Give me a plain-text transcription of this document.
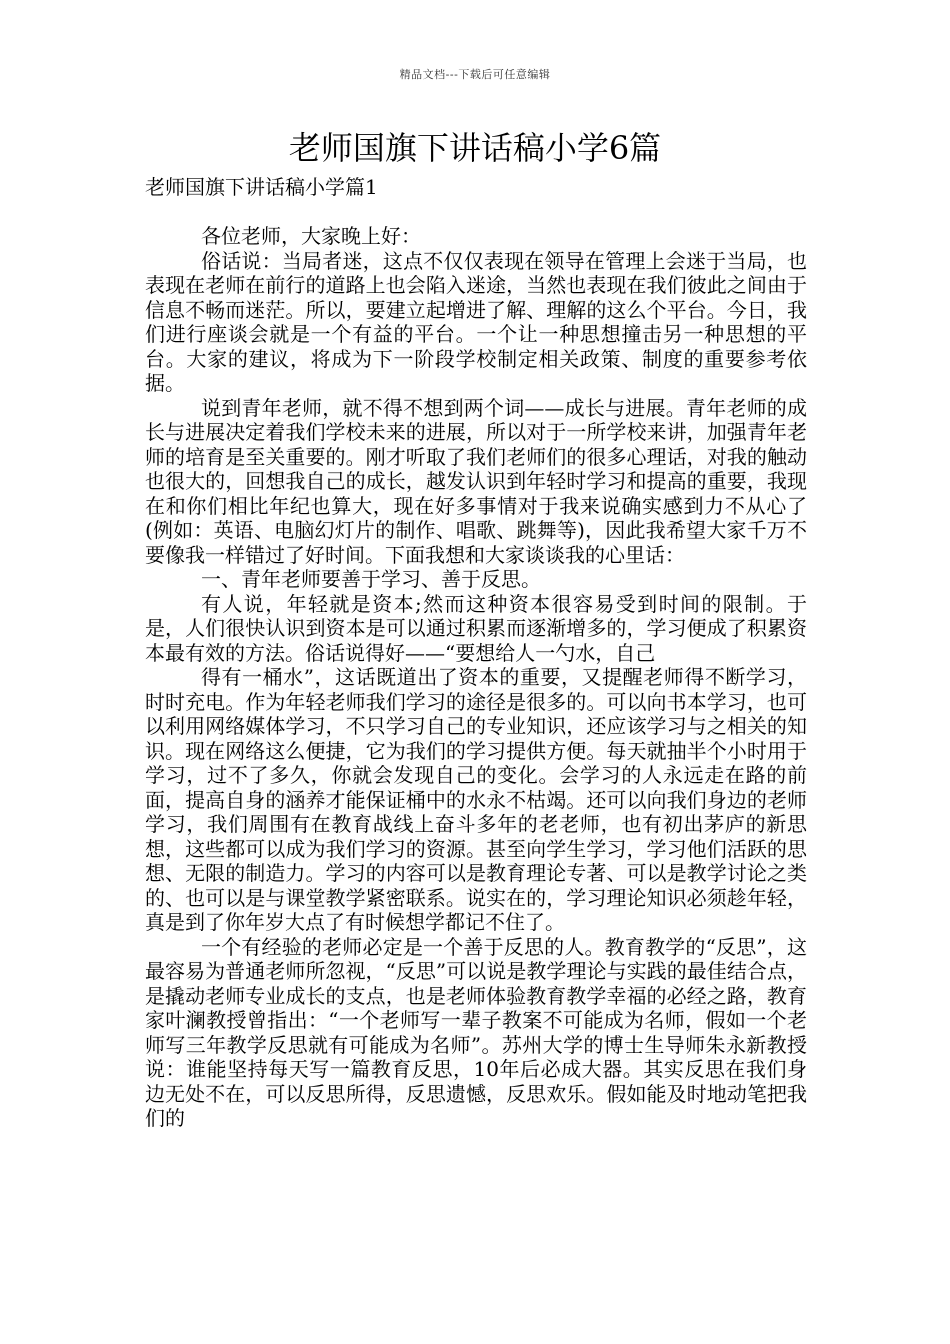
精品文档---下载后可任意编辑
老师国旗下讲话稿小学6篇
老师国旗下讲话稿小学篇1

各位老师，大家晚上好：

俗话说：当局者迷，这点不仅仅表现在领导在管理上会迷于当局，也表现在老师在前行的道路上也会陷入迷途，当然也表现在我们彼此之间由于信息不畅而迷茫。所以，要建立起增进了解、理解的这么个平台。今日，我们进行座谈会就是一个有益的平台。一个让一种思想撞击另一种思想的平台。大家的建议，将成为下一阶段学校制定相关政策、制度的重要参考依据。

说到青年老师，就不得不想到两个词——成长与进展。青年老师的成长与进展决定着我们学校未来的进展，所以对于一所学校来讲，加强青年老师的培育是至关重要的。刚才听取了我们老师们的很多心理话，对我的触动也很大的，回想我自己的成长，越发认识到年轻时学习和提高的重要，我现在和你们相比年纪也算大，现在好多事情对于我来说确实感到力不从心了(例如：英语、电脑幻灯片的制作、唱歌、跳舞等)，因此我希望大家千万不要像我一样错过了好时间。下面我想和大家谈谈我的心里话：

一、青年老师要善于学习、善于反思。

有人说，年轻就是资本;然而这种资本很容易受到时间的限制。于是，人们很快认识到资本是可以通过积累而逐渐增多的，学习便成了积累资本最有效的方法。俗话说得好——“要想给人一勺水，自己

得有一桶水”，这话既道出了资本的重要，又提醒老师得不断学习，时时充电。作为年轻老师我们学习的途径是很多的。可以向书本学习，也可以利用网络媒体学习，不只学习自己的专业知识，还应该学习与之相关的知识。现在网络这么便捷，它为我们的学习提供方便。每天就抽半个小时用于学习，过不了多久，你就会发现自己的变化。会学习的人永远走在路的前面，提高自身的涵养才能保证桶中的水永不枯竭。还可以向我们身边的老师学习，我们周围有在教育战线上奋斗多年的老老师，也有初出茅庐的新思想，这些都可以成为我们学习的资源。甚至向学生学习，学习他们活跃的思想、无限的制造力。学习的内容可以是教育理论专著、可以是教学讨论之类的、也可以是与课堂教学紧密联系。说实在的，学习理论知识必须趁年轻，真是到了你年岁大点了有时候想学都记不住了。

一个有经验的老师必定是一个善于反思的人。教育教学的“反思”，这最容易为普通老师所忽视，“反思”可以说是教学理论与实践的最佳结合点，是撬动老师专业成长的支点，也是老师体验教育教学幸福的必经之路，教育家叶澜教授曾指出：“一个老师写一辈子教案不可能成为名师，假如一个老师写三年教学反思就有可能成为名师”。苏州大学的博士生导师朱永新教授说：谁能坚持每天写一篇教育反思，10年后必成大器。其实反思在我们身边无处不在，可以反思所得，反思遗憾，反思欢乐。假如能及时地动笔把我们的
